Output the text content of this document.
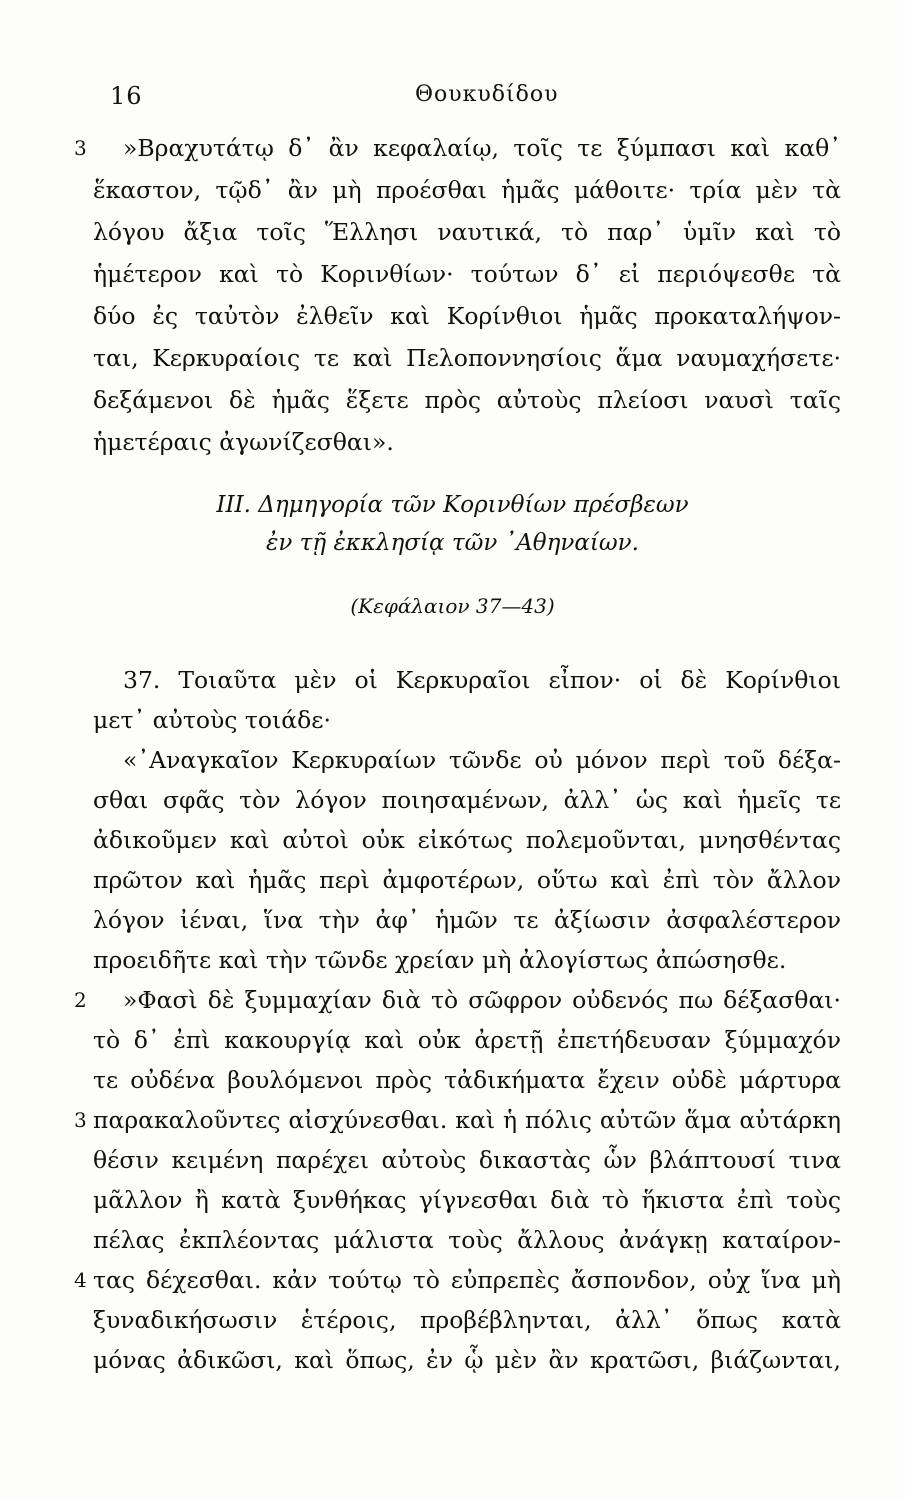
16	Θουκυδίδου
3 »Βραχυτάτῳ δ᾽ ἂν κεφαλαίῳ, τοῖς τε ξύμπασι καὶ καθ᾽
ἕκαστον, τῷδ᾽ ἂν μὴ προέσθαι ἡμᾶς μάθοιτε· τρία μὲν τὰ
λόγου ἄξια τοῖς Ἕλλησι ναυτικά, τὸ παρ᾽ ὑμῖν καὶ τὸ
ἡμέτερον καὶ τὸ Κορινθίων· τούτων δ᾽ εἰ περιόψεσθε τὰ
δύο ἐς ταὐτὸν ἐλθεῖν καὶ Κορίνθιοι ἡμᾶς προκαταλήψον-
ται, Κερκυραίοις τε καὶ Πελοποννησίοις ἅμα ναυμαχήσετε·
δεξάμενοι δὲ ἡμᾶς ἕξετε πρὸς αὐτοὺς πλείοσι ναυσὶ ταῖς
ἡμετέραις ἀγωνίζεσθαι».
III. Δημηγορία τῶν Κορινθίων πρέσβεων
ἐν τῇ ἐκκλησίᾳ τῶν ᾽Αθηναίων.
(Κεφάλαιον 37—43)
37. Τοιαῦτα μὲν οἱ Κερκυραῖοι εἶπον· οἱ δὲ Κορίνθιοι
μετ᾽ αὐτοὺς τοιάδε·
«᾽Αναγκαῖον Κερκυραίων τῶνδε οὐ μόνον περὶ τοῦ δέξα-
σθαι σφᾶς τὸν λόγον ποιησαμένων, ἀλλ᾽ ὡς καὶ ἡμεῖς τε
ἀδικοῦμεν καὶ αὐτοὶ οὐκ εἰκότως πολεμοῦνται, μνησθέντας
πρῶτον καὶ ἡμᾶς περὶ ἀμφοτέρων, οὕτω καὶ ἐπὶ τὸν ἄλλον
λόγον ἰέναι, ἵνα τὴν ἀφ᾽ ἡμῶν τε ἀξίωσιν ἀσφαλέστερον
προειδῆτε καὶ τὴν τῶνδε χρείαν μὴ ἀλογίστως ἀπώσησθε.
2 »Φασὶ δὲ ξυμμαχίαν διὰ τὸ σῶφρον οὐδενός πω δέξασθαι·
τὸ δ᾽ ἐπὶ κακουργίᾳ καὶ οὐκ ἀρετῇ ἐπετήδευσαν ξύμμαχόν
τε οὐδένα βουλόμενοι πρὸς τἀδικήματα ἔχειν οὐδὲ μάρτυρα
3 παρακαλοῦντες αἰσχύνεσθαι. καὶ ἡ πόλις αὐτῶν ἅμα αὐτάρκη
θέσιν κειμένη παρέχει αὐτοὺς δικαστὰς ὧν βλάπτουσί τινα
μᾶλλον ἢ κατὰ ξυνθήκας γίγνεσθαι διὰ τὸ ἥκιστα ἐπὶ τοὺς
πέλας ἐκπλέοντας μάλιστα τοὺς ἄλλους ἀνάγκῃ καταίρον-
4 τας δέχεσθαι. κἀν τούτῳ τὸ εὐπρεπὲς ἄσπονδον, οὐχ ἵνα μὴ
ξυναδικήσωσιν ἑτέροις, προβέβληνται, ἀλλ᾽ ὅπως κατὰ
μόνας ἀδικῶσι, καὶ ὅπως, ἐν ᾧ μὲν ἂν κρατῶσι, βιάζωνται,
